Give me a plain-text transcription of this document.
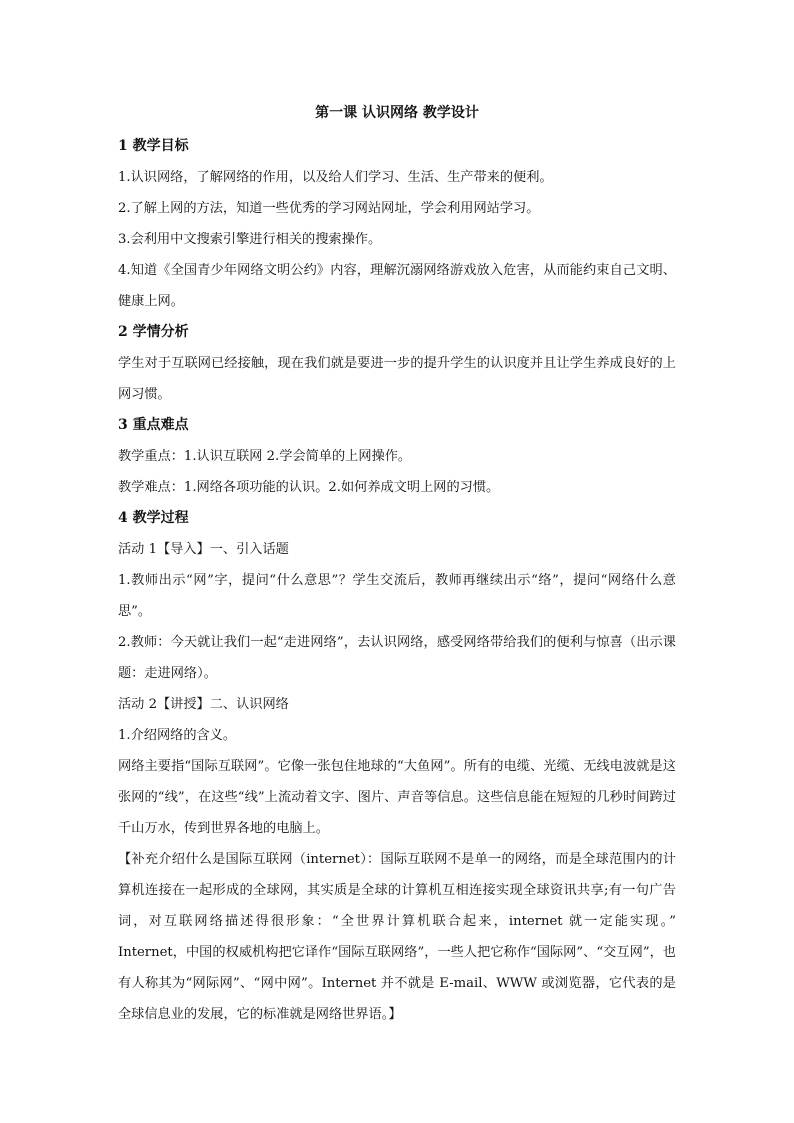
第一课 认识网络 教学设计

1 教学目标

1.认识网络，了解网络的作用，以及给人们学习、生活、生产带来的便利。

2.了解上网的方法，知道一些优秀的学习网站网址，学会利用网站学习。

3.会利用中文搜索引擎进行相关的搜索操作。

4.知道《全国青少年网络文明公约》内容，理解沉溺网络游戏放入危害，从而能约束自己文明、健康上网。

2 学情分析

学生对于互联网已经接触，现在我们就是要进一步的提升学生的认识度并且让学生养成良好的上网习惯。

3 重点难点

教学重点：1.认识互联网 2.学会简单的上网操作。

教学难点：1.网络各项功能的认识。2.如何养成文明上网的习惯。

4 教学过程

活动 1【导入】一、引入话题

1.教师出示“网”字，提问“什么意思”？学生交流后，教师再继续出示“络”，提问“网络什么意思”。

2.教师：今天就让我们一起“走进网络”，去认识网络，感受网络带给我们的便利与惊喜（出示课题：走进网络）。

活动 2【讲授】二、认识网络

1.介绍网络的含义。

网络主要指“国际互联网”。它像一张包住地球的“大鱼网”。所有的电缆、光缆、无线电波就是这张网的“线”，在这些“线”上流动着文字、图片、声音等信息。这些信息能在短短的几秒时间跨过千山万水，传到世界各地的电脑上。

【补充介绍什么是国际互联网（internet）：国际互联网不是单一的网络，而是全球范围内的计算机连接在一起形成的全球网，其实质是全球的计算机互相连接实现全球资讯共享;有一句广告词，对互联网络描述得很形象：“全世界计算机联合起来，internet 就一定能实现。” Internet，中国的权威机构把它译作“国际互联网络”，一些人把它称作“国际网”、“交互网”，也有人称其为“网际网”、“网中网”。Internet 并不就是 E-mail、WWW 或浏览器，它代表的是全球信息业的发展，它的标准就是网络世界语。】
